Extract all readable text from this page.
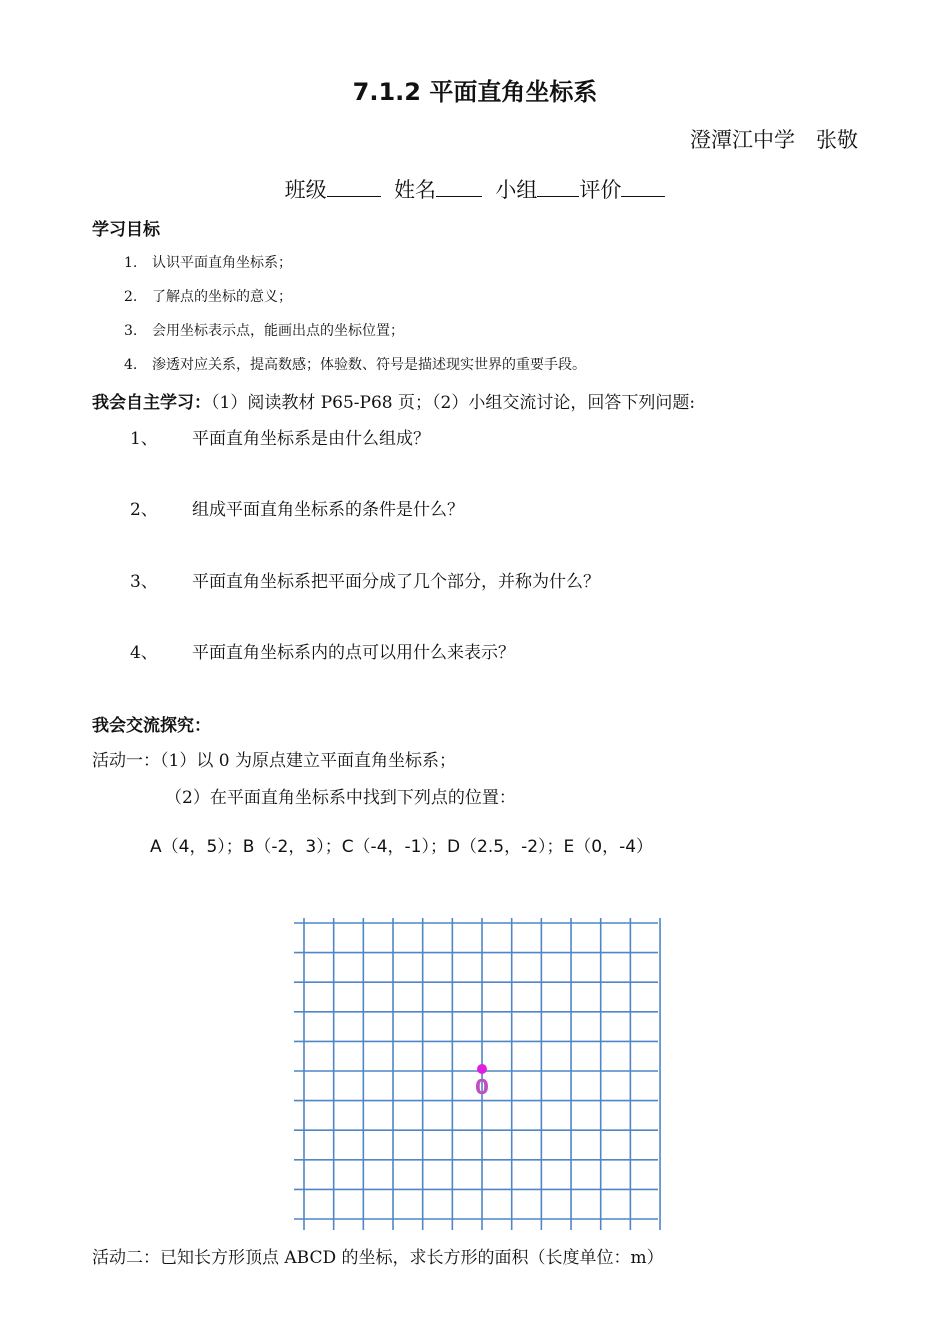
7.1.2 平面直角坐标系
澄潭江中学　张敬
班级	姓名	小组 评价
学习目标
1. 认识平面直角坐标系；
2. 了解点的坐标的意义；
3. 会用坐标表示点，能画出点的坐标位置；
4. 渗透对应关系，提高数感；体验数、符号是描述现实世界的重要手段。
我会自主学习：（1）阅读教材 P65-P68 页；（2）小组交流讨论，回答下列问题:
1、 平面直角坐标系是由什么组成？
2、 组成平面直角坐标系的条件是什么？
3、 平面直角坐标系把平面分成了几个部分，并称为什么？
4、 平面直角坐标系内的点可以用什么来表示？
我会交流探究：
活动一：（1）以 0 为原点建立平面直角坐标系；
（2）在平面直角坐标系中找到下列点的位置：
A（4，5）；B（-2，3）；C（-4，-1）；D（2.5，-2）；E（0，-4）
0
活动二：已知长方形顶点 ABCD 的坐标，求长方形的面积（长度单位：m）
